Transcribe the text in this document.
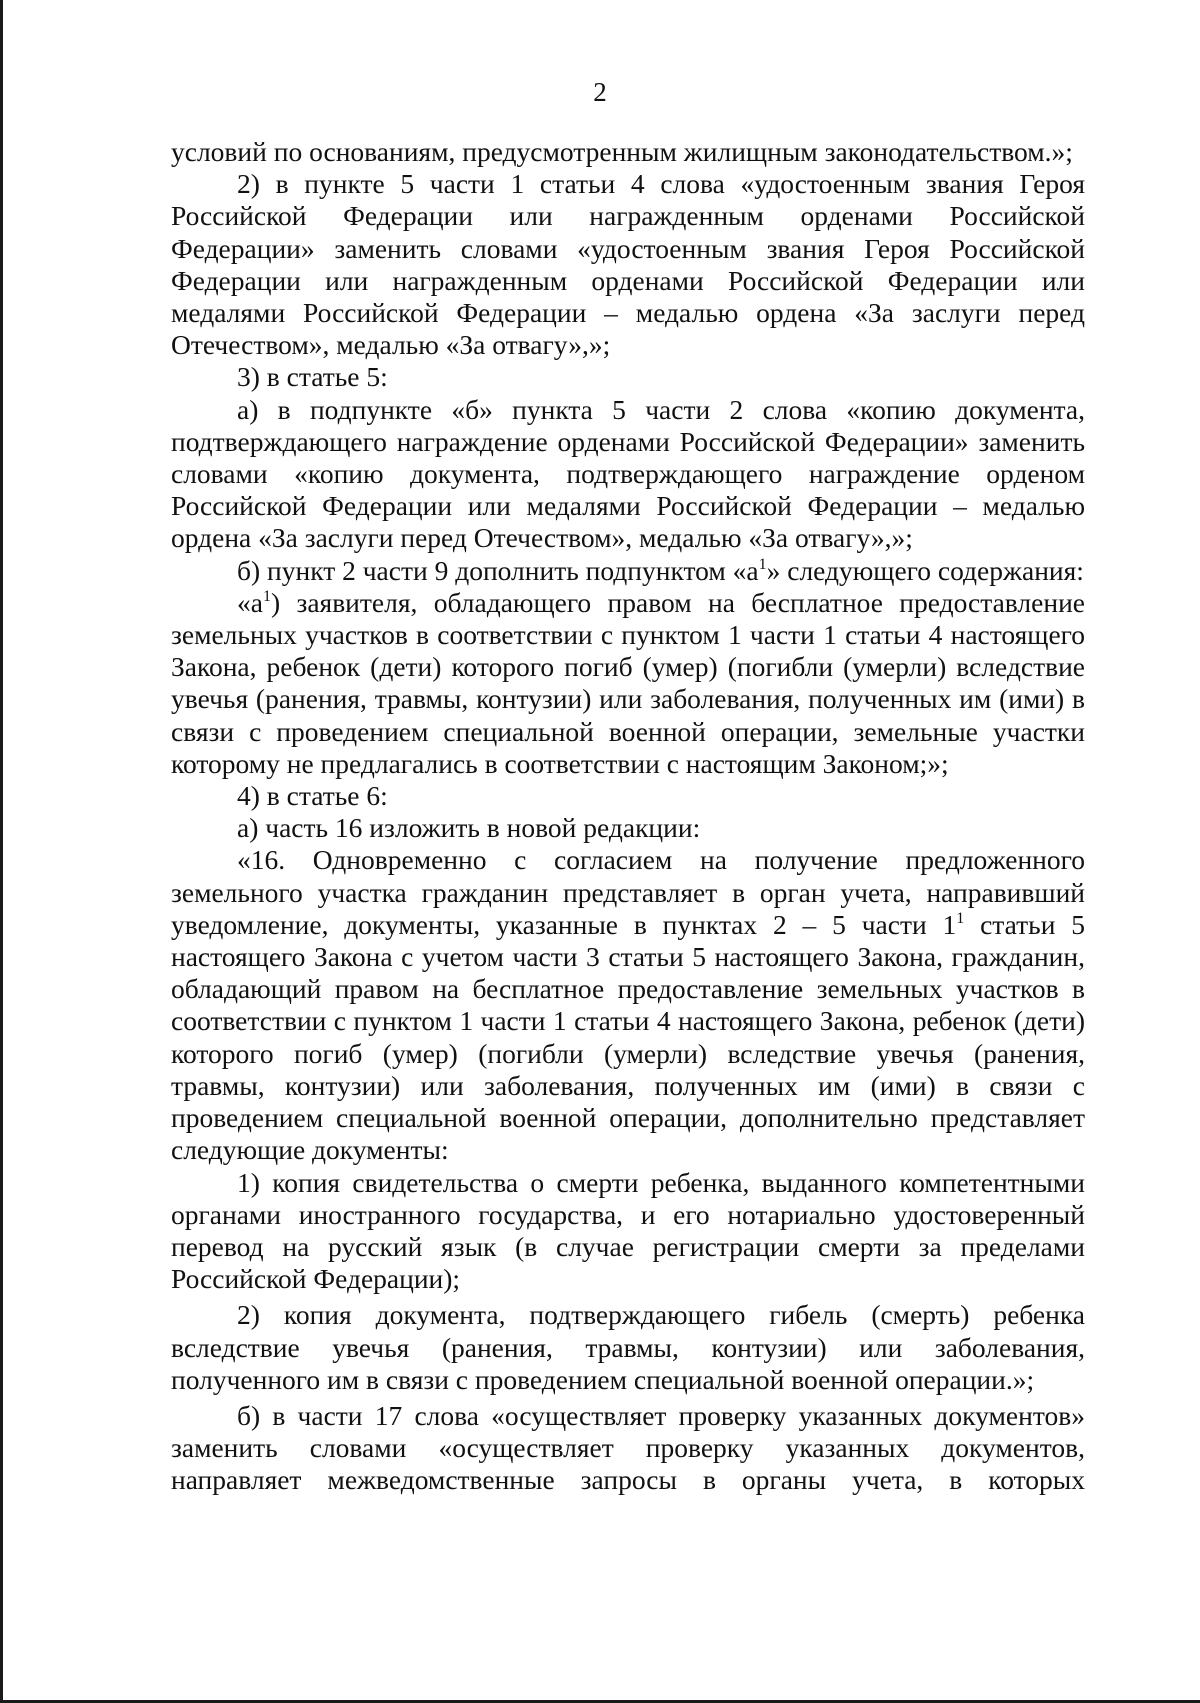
2

условий по основаниям, предусмотренным жилищным законодательством.»;

2) в пункте 5 части 1 статьи 4 слова «удостоенным звания Героя Российской Федерации или награжденным орденами Российской Федерации» заменить словами «удостоенным звания Героя Российской Федерации или награжденным орденами Российской Федерации или медалями Российской Федерации – медалью ордена «За заслуги перед Отечеством», медалью «За отвагу»,»;

3) в статье 5:

а) в подпункте «б» пункта 5 части 2 слова «копию документа, подтверждающего награждение орденами Российской Федерации» заменить словами «копию документа, подтверждающего награждение орденом Российской Федерации или медалями Российской Федерации – медалью ордена «За заслуги перед Отечеством», медалью «За отвагу»,»;

б) пункт 2 части 9 дополнить подпунктом «$а^1$» следующего содержания:

«$а^1$) заявителя, обладающего правом на бесплатное предоставление земельных участков в соответствии с пунктом 1 части 1 статьи 4 настоящего Закона, ребенок (дети) которого погиб (умер) (погибли (умерли) вследствие увечья (ранения, травмы, контузии) или заболевания, полученных им (ими) в связи с проведением специальной военной операции, земельные участки которому не предлагались в соответствии с настоящим Законом;»;

4) в статье 6:

а) часть 16 изложить в новой редакции:

«16. Одновременно с согласием на получение предложенного земельного участка гражданин представляет в орган учета, направивший уведомление, документы, указанные в пунктах 2 – 5 части $1^1$ статьи 5 настоящего Закона с учетом части 3 статьи 5 настоящего Закона, гражданин, обладающий правом на бесплатное предоставление земельных участков в соответствии с пунктом 1 части 1 статьи 4 настоящего Закона, ребенок (дети) которого погиб (умер) (погибли (умерли) вследствие увечья (ранения, травмы, контузии) или заболевания, полученных им (ими) в связи с проведением специальной военной операции, дополнительно представляет следующие документы:

1) копия свидетельства о смерти ребенка, выданного компетентными органами иностранного государства, и его нотариально удостоверенный перевод на русский язык (в случае регистрации смерти за пределами Российской Федерации);

2) копия документа, подтверждающего гибель (смерть) ребенка вследствие увечья (ранения, травмы, контузии) или заболевания, полученного им в связи с проведением специальной военной операции.»;

б) в части 17 слова «осуществляет проверку указанных документов» заменить словами «осуществляет проверку указанных документов, направляет межведомственные запросы в органы учета, в которых
